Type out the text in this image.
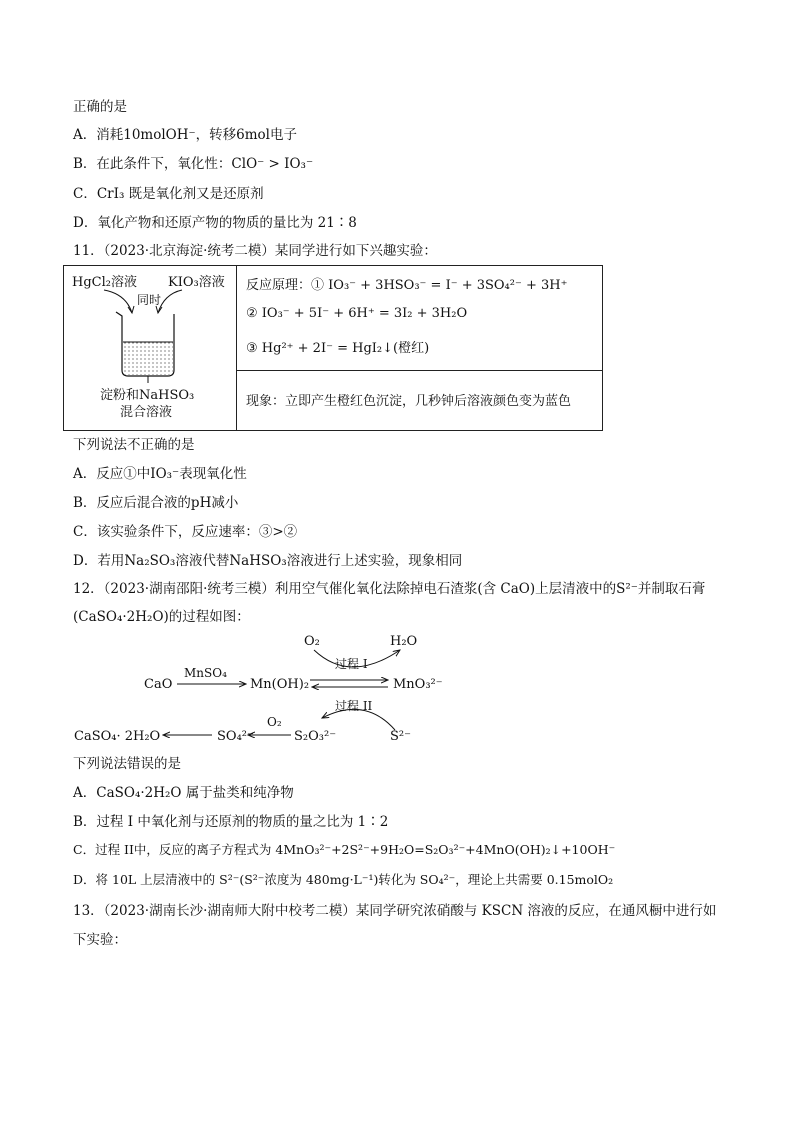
正确的是
A．消耗10molOH⁻，转移6mol电子
B．在此条件下，氧化性：ClO⁻ > IO₃⁻
C．CrI₃ 既是氧化剂又是还原剂
D．氧化产物和还原产物的物质的量比为 21∶8
11．（2023·北京海淀·统考二模）某同学进行如下兴趣实验：
HgCl₂溶液 KIO₃溶液
同时
淀粉和NaHSO₃
混合溶液
反应原理：① IO₃⁻ + 3HSO₃⁻ = I⁻ + 3SO₄²⁻ + 3H⁺
② IO₃⁻ + 5I⁻ + 6H⁺ = 3I₂ + 3H₂O
③ Hg²⁺ + 2I⁻ = HgI₂↓(橙红)
现象：立即产生橙红色沉淀，几秒钟后溶液颜色变为蓝色
下列说法不正确的是
A．反应①中IO₃⁻表现氧化性
B．反应后混合液的pH减小
C．该实验条件下，反应速率：③>②
D．若用Na₂SO₃溶液代替NaHSO₃溶液进行上述实验，现象相同
12．（2023·湖南邵阳·统考三模）利用空气催化氧化法除掉电石渣浆(含 CaO)上层清液中的S²⁻并制取石膏
(CaSO₄·2H₂O)的过程如图：
CaO
MnSO₄
Mn(OH)₂	MnO₃²⁻
O₂	H₂O
过程 I
过程 II
S²⁻
S₂O₃²⁻
O₂
SO₄²⁻
CaSO₄· 2H₂O
下列说法错误的是
A．CaSO₄·2H₂O 属于盐类和纯净物
B．过程 I 中氧化剂与还原剂的物质的量之比为 1∶2
C．过程 II中，反应的离子方程式为 4MnO₃²⁻+2S²⁻+9H₂O=S₂O₃²⁻+4MnO(OH)₂↓+10OH⁻
D．将 10L 上层清液中的 S²⁻(S²⁻浓度为 480mg·L⁻¹)转化为 SO₄²⁻，理论上共需要 0.15molO₂
13．（2023·湖南长沙·湖南师大附中校考二模）某同学研究浓硝酸与 KSCN 溶液的反应，在通风橱中进行如
下实验：
